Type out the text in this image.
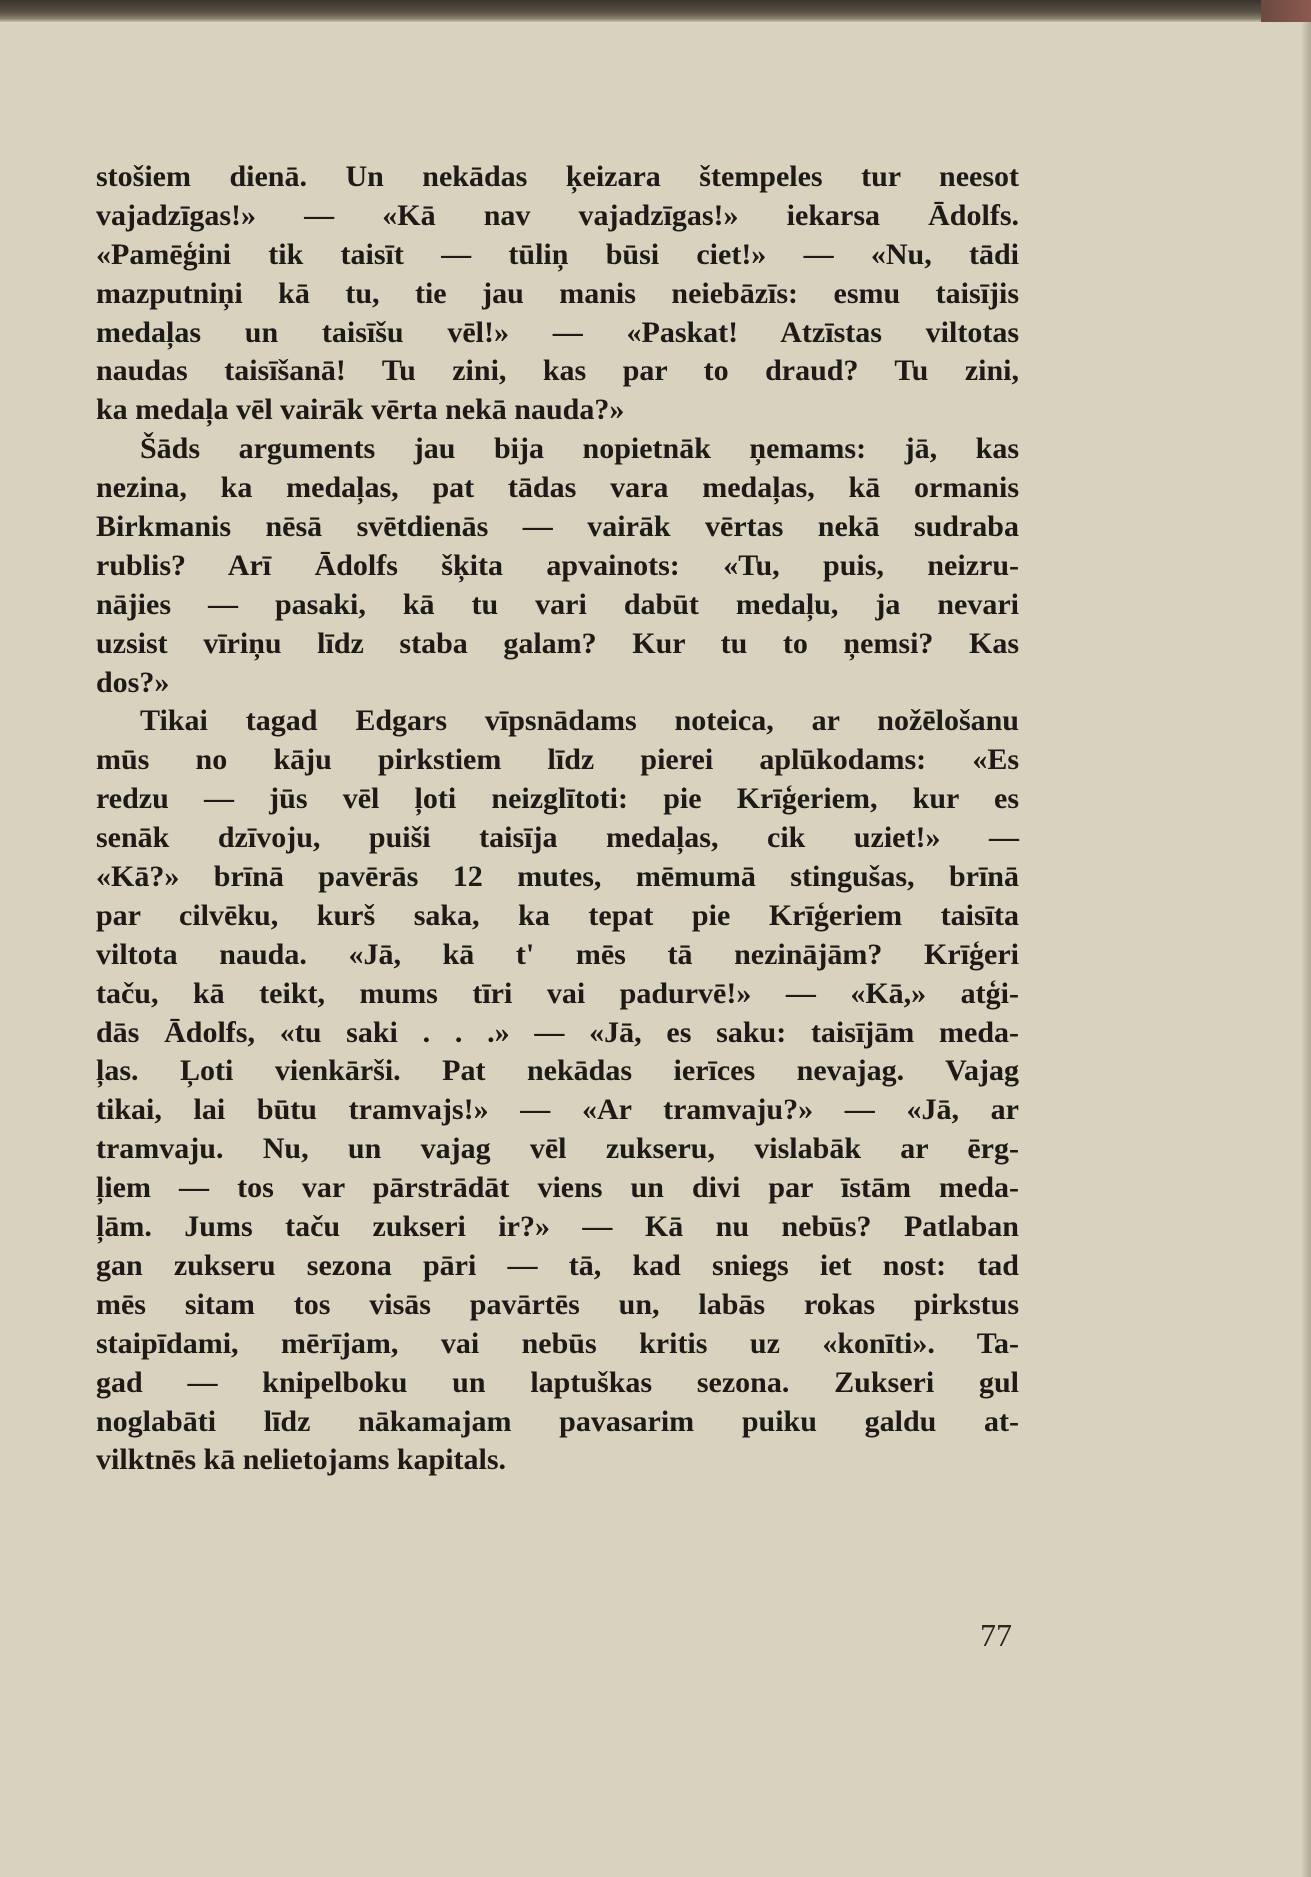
stošiem dienā. Un nekādas ķeizara štempeles tur neesot
vajadzīgas!» — «Kā nav vajadzīgas!» iekarsa Ādolfs.
«Pamēģini tik taisīt — tūliņ būsi ciet!» — «Nu, tādi
mazputniņi kā tu, tie jau manis neiebāzīs: esmu taisījis
medaļas un taisīšu vēl!» — «Paskat! Atzīstas viltotas
naudas taisīšanā! Tu zini, kas par to draud? Tu zini,
ka medaļa vēl vairāk vērta nekā nauda?»
Šāds arguments jau bija nopietnāk ņemams: jā, kas
nezina, ka medaļas, pat tādas vara medaļas, kā ormanis
Birkmanis nēsā svētdienās — vairāk vērtas nekā sudraba
rublis? Arī Ādolfs šķita apvainots: «Tu, puis, neizru-
nājies — pasaki, kā tu vari dabūt medaļu, ja nevari
uzsist vīriņu līdz staba galam? Kur tu to ņemsi? Kas
dos?»
Tikai tagad Edgars vīpsnādams noteica, ar nožēlošanu
mūs no kāju pirkstiem līdz pierei aplūkodams: «Es
redzu — jūs vēl ļoti neizglītoti: pie Krīģeriem, kur es
senāk dzīvoju, puiši taisīja medaļas, cik uziet!» —
«Kā?» brīnā pavērās 12 mutes, mēmumā stingušas, brīnā
par cilvēku, kurš saka, ka tepat pie Krīģeriem taisīta
viltota nauda. «Jā, kā t' mēs tā nezinājām? Krīģeri
taču, kā teikt, mums tīri vai padurvē!» — «Kā,» atģi-
dās Ādolfs, «tu saki . . .» — «Jā, es saku: taisījām meda-
ļas. Ļoti vienkārši. Pat nekādas ierīces nevajag. Vajag
tikai, lai būtu tramvajs!» — «Ar tramvaju?» — «Jā, ar
tramvaju. Nu, un vajag vēl zukseru, vislabāk ar ērg-
ļiem — tos var pārstrādāt viens un divi par īstām meda-
ļām. Jums taču zukseri ir?» — Kā nu nebūs? Patlaban
gan zukseru sezona pāri — tā, kad sniegs iet nost: tad
mēs sitam tos visās pavārtēs un, labās rokas pirkstus
staipīdami, mērījam, vai nebūs kritis uz «konīti». Ta-
gad — knipelboku un laptuškas sezona. Zukseri gul
noglabāti līdz nākamajam pavasarim puiku galdu at-
vilktnēs kā nelietojams kapitals.
77
